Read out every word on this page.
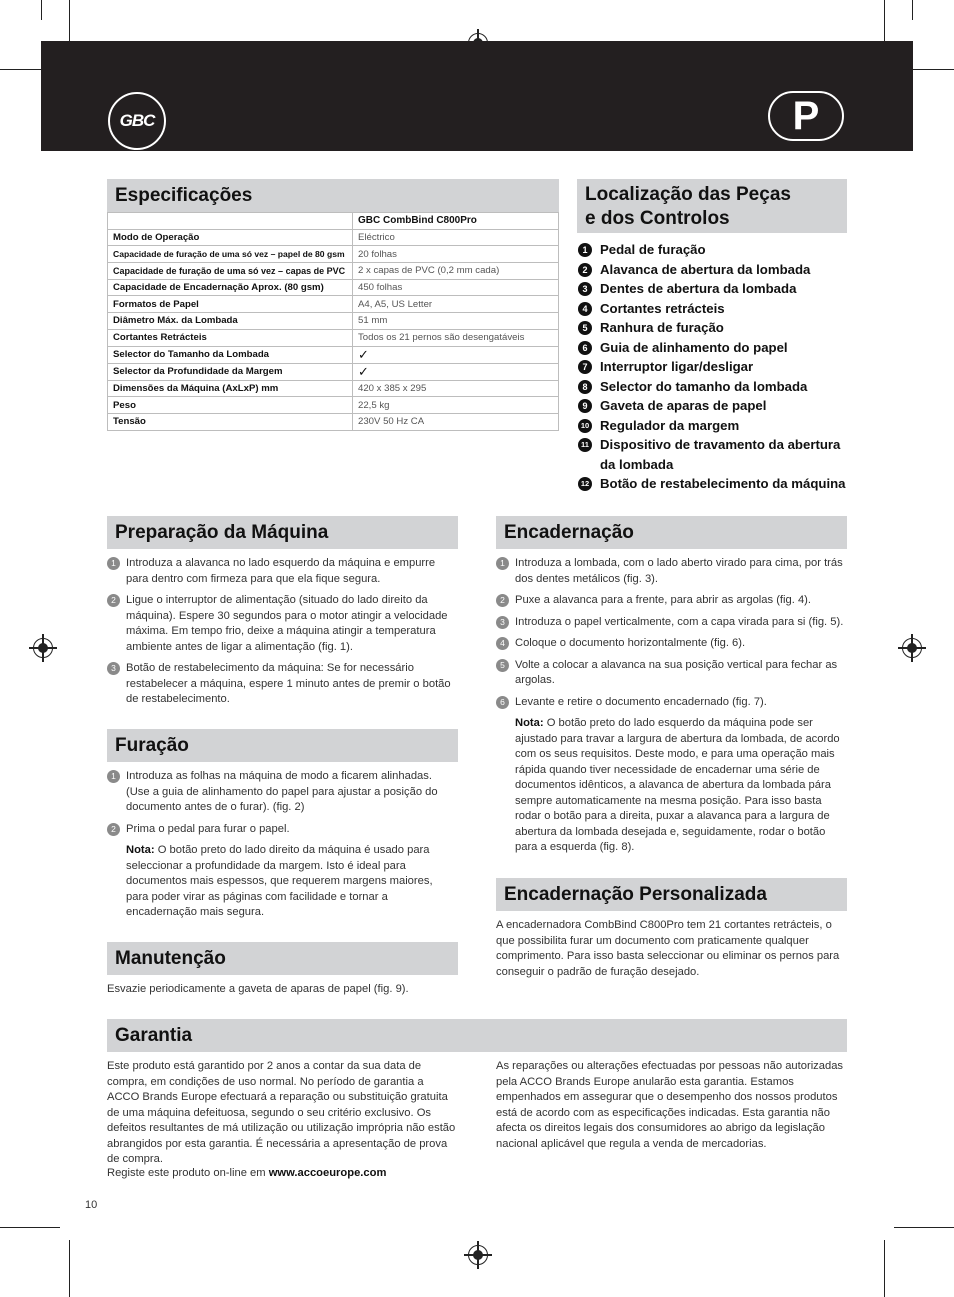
GBC	P
Especificações
	GBC CombBind C800Pro
Modo de Operação	Eléctrico
Capacidade de furação de uma só vez – papel de 80 gsm	20 folhas
Capacidade de furação de uma só vez – capas de PVC	2 x capas de PVC (0,2 mm cada)
Capacidade de Encadernação Aprox. (80 gsm)	450 folhas
Formatos de Papel	A4, A5, US Letter
Diâmetro Máx. da Lombada	51 mm
Cortantes Retrácteis	Todos os 21 pernos são desengatáveis
Selector do Tamanho da Lombada	✓
Selector da Profundidade da Margem	✓
Dimensões da Máquina (AxLxP) mm	420 x 385 x 295
Peso	22,5 kg
Tensão	230V 50 Hz CA
Localização das Peças
e dos Controlos
1 Pedal de furação
2 Alavanca de abertura da lombada
3 Dentes de abertura da lombada
4 Cortantes retrácteis
5 Ranhura de furação
6 Guia de alinhamento do papel
7 Interruptor ligar/desligar
8 Selector do tamanho da lombada
9 Gaveta de aparas de papel
10 Regulador da margem
11 Dispositivo de travamento da abertura da lombada
12 Botão de restabelecimento da máquina
Preparação da Máquina
1 Introduza a alavanca no lado esquerdo da máquina e empurre para dentro com firmeza para que ela fique segura.
2 Ligue o interruptor de alimentação (situado do lado direito da máquina). Espere 30 segundos para o motor atingir a velocidade máxima. Em tempo frio, deixe a máquina atingir a temperatura ambiente antes de ligar a alimentação (fig. 1).
3 Botão de restabelecimento da máquina: Se for necessário restabelecer a máquina, espere 1 minuto antes de premir o botão de restabelecimento.
Furação
1 Introduza as folhas na máquina de modo a ficarem alinhadas. (Use a guia de alinhamento do papel para ajustar a posição do documento antes de o furar). (fig. 2)
2 Prima o pedal para furar o papel.
Nota: O botão preto do lado direito da máquina é usado para seleccionar a profundidade da margem. Isto é ideal para documentos mais espessos, que requerem margens maiores, para poder virar as páginas com facilidade e tornar a encadernação mais segura.
Manutenção
Esvazie periodicamente a gaveta de aparas de papel (fig. 9).
Encadernação
1 Introduza a lombada, com o lado aberto virado para cima, por trás dos dentes metálicos (fig. 3).
2 Puxe a alavanca para a frente, para abrir as argolas (fig. 4).
3 Introduza o papel verticalmente, com a capa virada para si (fig. 5).
4 Coloque o documento horizontalmente (fig. 6).
5 Volte a colocar a alavanca na sua posição vertical para fechar as argolas.
6 Levante e retire o documento encadernado (fig. 7).
Nota: O botão preto do lado esquerdo da máquina pode ser ajustado para travar a largura de abertura da lombada, de acordo com os seus requisitos. Deste modo, e para uma operação mais rápida quando tiver necessidade de encadernar uma série de documentos idênticos, a alavanca de abertura da lombada pára sempre automaticamente na mesma posição. Para isso basta rodar o botão para a direita, puxar a alavanca para a largura de abertura da lombada desejada e, seguidamente, rodar o botão para a esquerda (fig. 8).
Encadernação Personalizada
A encadernadora CombBind C800Pro tem 21 cortantes retrácteis, o que possibilita furar um documento com praticamente qualquer comprimento. Para isso basta seleccionar ou eliminar os pernos para conseguir o padrão de furação desejado.
Garantia
Este produto está garantido por 2 anos a contar da sua data de compra, em condições de uso normal. No período de garantia a ACCO Brands Europe efectuará a reparação ou substituição gratuita de uma máquina defeituosa, segundo o seu critério exclusivo. Os defeitos resultantes de má utilização ou utilização imprópria não estão abrangidos por esta garantia. É necessária a apresentação de prova de compra.
Registe este produto on-line em www.accoeurope.com
As reparações ou alterações efectuadas por pessoas não autorizadas pela ACCO Brands Europe anularão esta garantia. Estamos empenhados em assegurar que o desempenho dos nossos produtos está de acordo com as especificações indicadas. Esta garantia não afecta os direitos legais dos consumidores ao abrigo da legislação nacional aplicável que regula a venda de mercadorias.
10
